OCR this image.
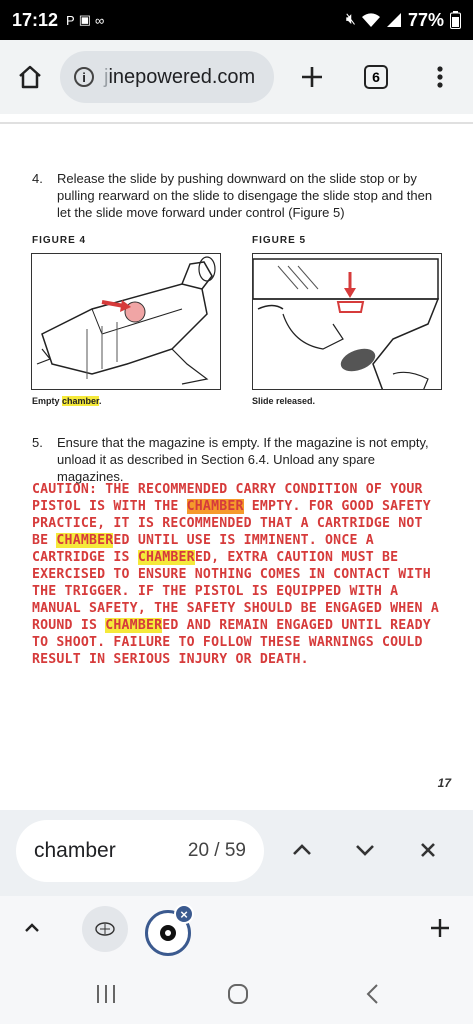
17:12 P ▣ ∞	🔇︎	77%
i j inepowered.com	6
4. Release the slide by pushing downward on the slide stop or by pulling rearward on the slide to disengage the slide stop and then let the slide move forward under control (Figure 5)
FIGURE 4	FIGURE 5
Empty chamber.	Slide released.
5. Ensure that the magazine is empty. If the magazine is not empty, unload it as described in Section 6.4. Unload any spare magazines.
CAUTION: THE RECOMMENDED CARRY CONDITION OF YOUR PISTOL IS WITH THE CHAMBER EMPTY. FOR GOOD SAFETY PRACTICE, IT IS RECOMMENDED THAT A CARTRIDGE NOT BE CHAMBERED UNTIL USE IS IMMINENT. ONCE A CARTRIDGE IS CHAMBERED, EXTRA CAUTION MUST BE EXERCISED TO ENSURE NOTHING COMES IN CONTACT WITH THE TRIGGER. IF THE PISTOL IS EQUIPPED WITH A MANUAL SAFETY, THE SAFETY SHOULD BE ENGAGED WHEN A ROUND IS CHAMBERED AND REMAIN ENGAGED UNTIL READY TO SHOOT. FAILURE TO FOLLOW THESE WARNINGS COULD RESULT IN SERIOUS INJURY OR DEATH.
17
chamber	20 / 59
×
